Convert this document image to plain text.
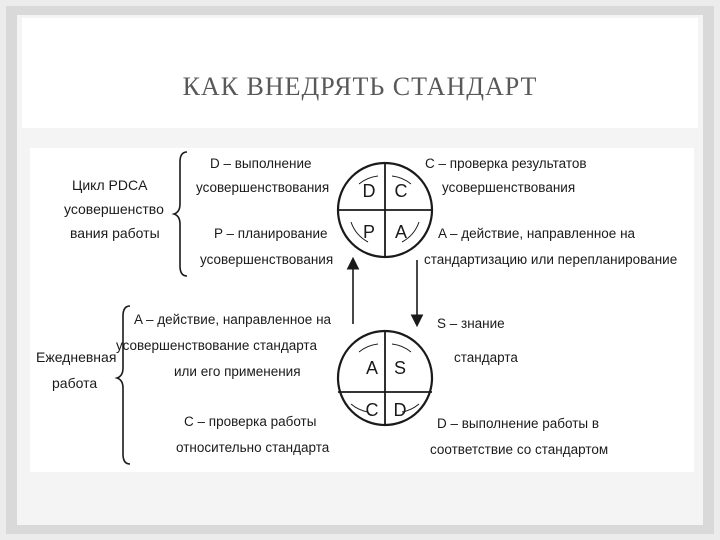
КАК ВНЕДРЯТЬ СТАНДАРТ
Цикл PDCA
усовершенство
вания работы
D – выполнение
усовершенствования
P – планирование
усовершенствования
C – проверка результатов
усовершенствования
A – действие, направленное на
стандартизацию или перепланирование
D C
P A
Ежедневная
работа
A – действие, направленное на
усовершенствование стандарта
или его применения
C – проверка работы
относительно стандарта
S – знание
стандарта
D – выполнение работы в
соответствие со стандартом
A S
C D
